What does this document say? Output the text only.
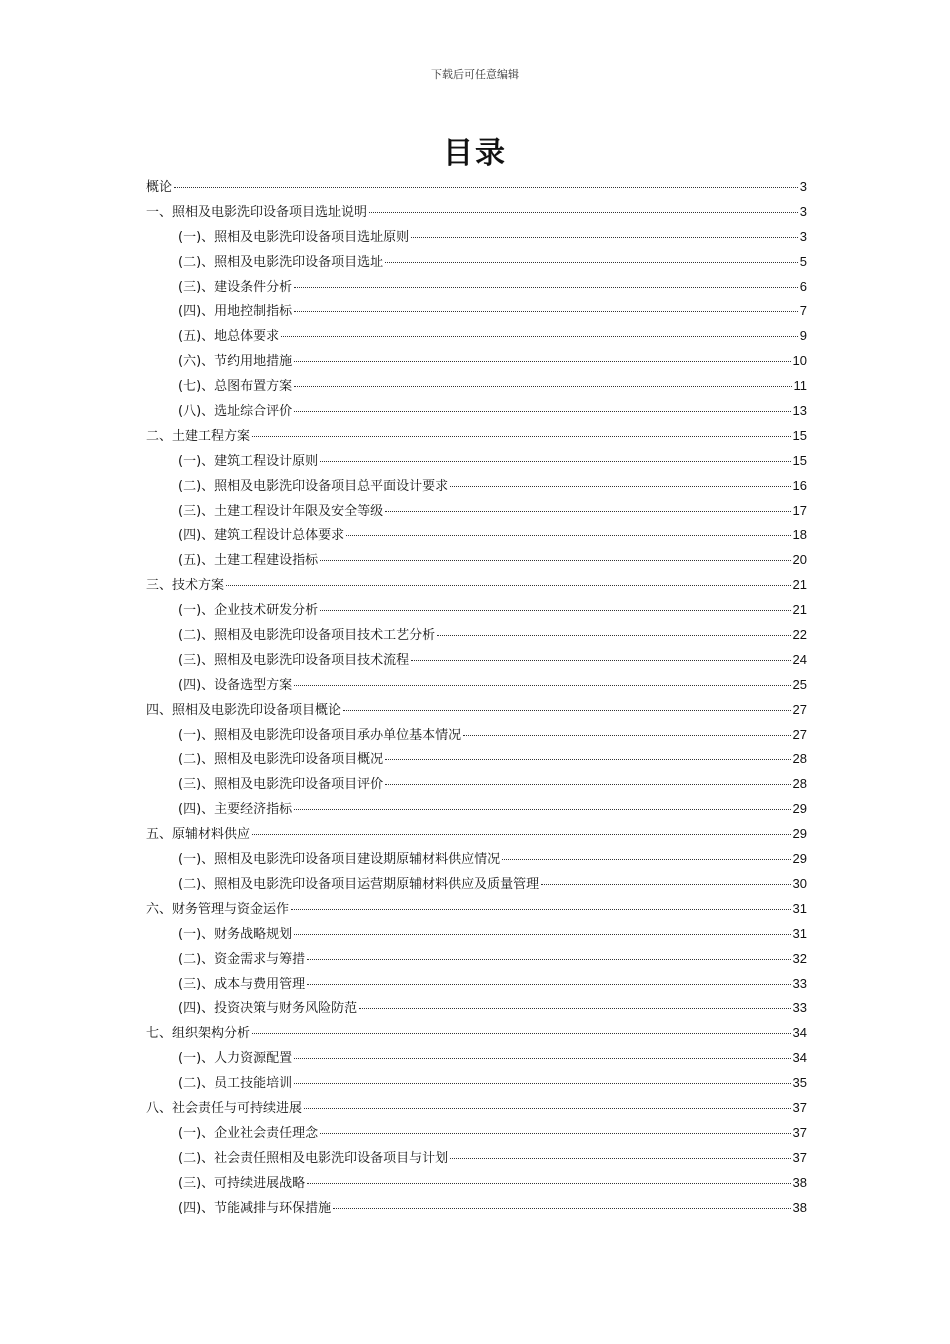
下载后可任意编辑
目录
概论	3
一、照相及电影洗印设备项目选址说明	3
(一)、照相及电影洗印设备项目选址原则	3
(二)、照相及电影洗印设备项目选址	5
(三)、建设条件分析	6
(四)、用地控制指标	7
(五)、地总体要求	9
(六)、节约用地措施	10
(七)、总图布置方案	11
(八)、选址综合评价	13
二、土建工程方案	15
(一)、建筑工程设计原则	15
(二)、照相及电影洗印设备项目总平面设计要求	16
(三)、土建工程设计年限及安全等级	17
(四)、建筑工程设计总体要求	18
(五)、土建工程建设指标	20
三、技术方案	21
(一)、企业技术研发分析	21
(二)、照相及电影洗印设备项目技术工艺分析	22
(三)、照相及电影洗印设备项目技术流程	24
(四)、设备选型方案	25
四、照相及电影洗印设备项目概论	27
(一)、照相及电影洗印设备项目承办单位基本情况	27
(二)、照相及电影洗印设备项目概况	28
(三)、照相及电影洗印设备项目评价	28
(四)、主要经济指标	29
五、原辅材料供应	29
(一)、照相及电影洗印设备项目建设期原辅材料供应情况	29
(二)、照相及电影洗印设备项目运营期原辅材料供应及质量管理	30
六、财务管理与资金运作	31
(一)、财务战略规划	31
(二)、资金需求与筹措	32
(三)、成本与费用管理	33
(四)、投资决策与财务风险防范	33
七、组织架构分析	34
(一)、人力资源配置	34
(二)、员工技能培训	35
八、社会责任与可持续进展	37
(一)、企业社会责任理念	37
(二)、社会责任照相及电影洗印设备项目与计划	37
(三)、可持续进展战略	38
(四)、节能减排与环保措施	38
